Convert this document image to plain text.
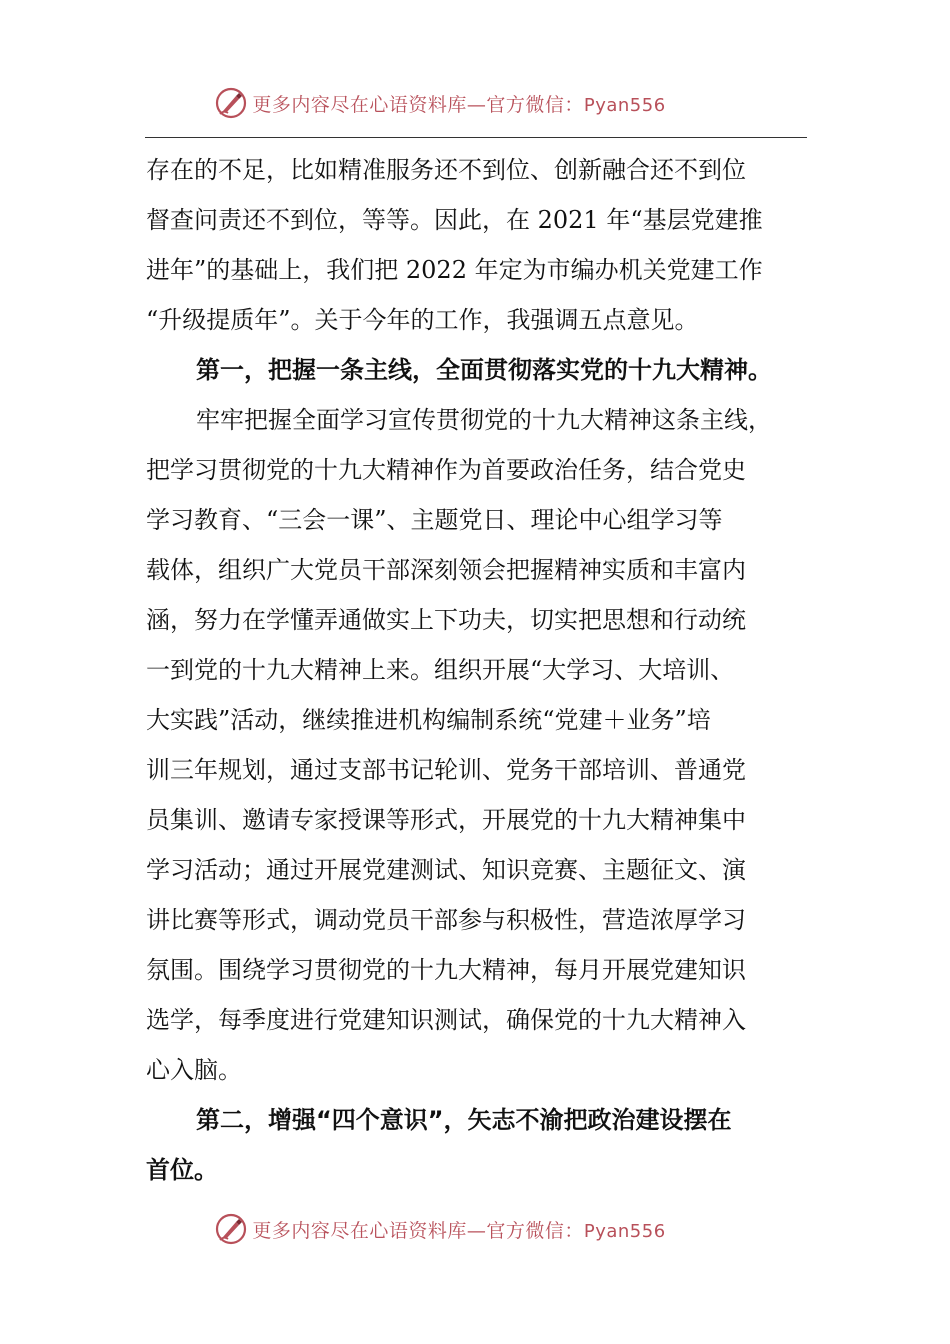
更多内容尽在心语资料库—官方微信：Pyan556
存在的不足，比如精准服务还不到位、创新融合还不到位
督查问责还不到位，等等。因此，在 2021 年“基层党建推
进年”的基础上，我们把 2022 年定为市编办机关党建工作
“升级提质年”。关于今年的工作，我强调五点意见。
第一，把握一条主线，全面贯彻落实党的十九大精神。
牢牢把握全面学习宣传贯彻党的十九大精神这条主线，
把学习贯彻党的十九大精神作为首要政治任务，结合党史
学习教育、“三会一课”、主题党日、理论中心组学习等
载体，组织广大党员干部深刻领会把握精神实质和丰富内
涵，努力在学懂弄通做实上下功夫，切实把思想和行动统
一到党的十九大精神上来。组织开展“大学习、大培训、
大实践”活动，继续推进机构编制系统“党建＋业务”培
训三年规划，通过支部书记轮训、党务干部培训、普通党
员集训、邀请专家授课等形式，开展党的十九大精神集中
学习活动；通过开展党建测试、知识竞赛、主题征文、演
讲比赛等形式，调动党员干部参与积极性，营造浓厚学习
氛围。围绕学习贯彻党的十九大精神，每月开展党建知识
选学，每季度进行党建知识测试，确保党的十九大精神入
心入脑。
第二，增强“四个意识”，矢志不渝把政治建设摆在
首位。
更多内容尽在心语资料库—官方微信：Pyan556
